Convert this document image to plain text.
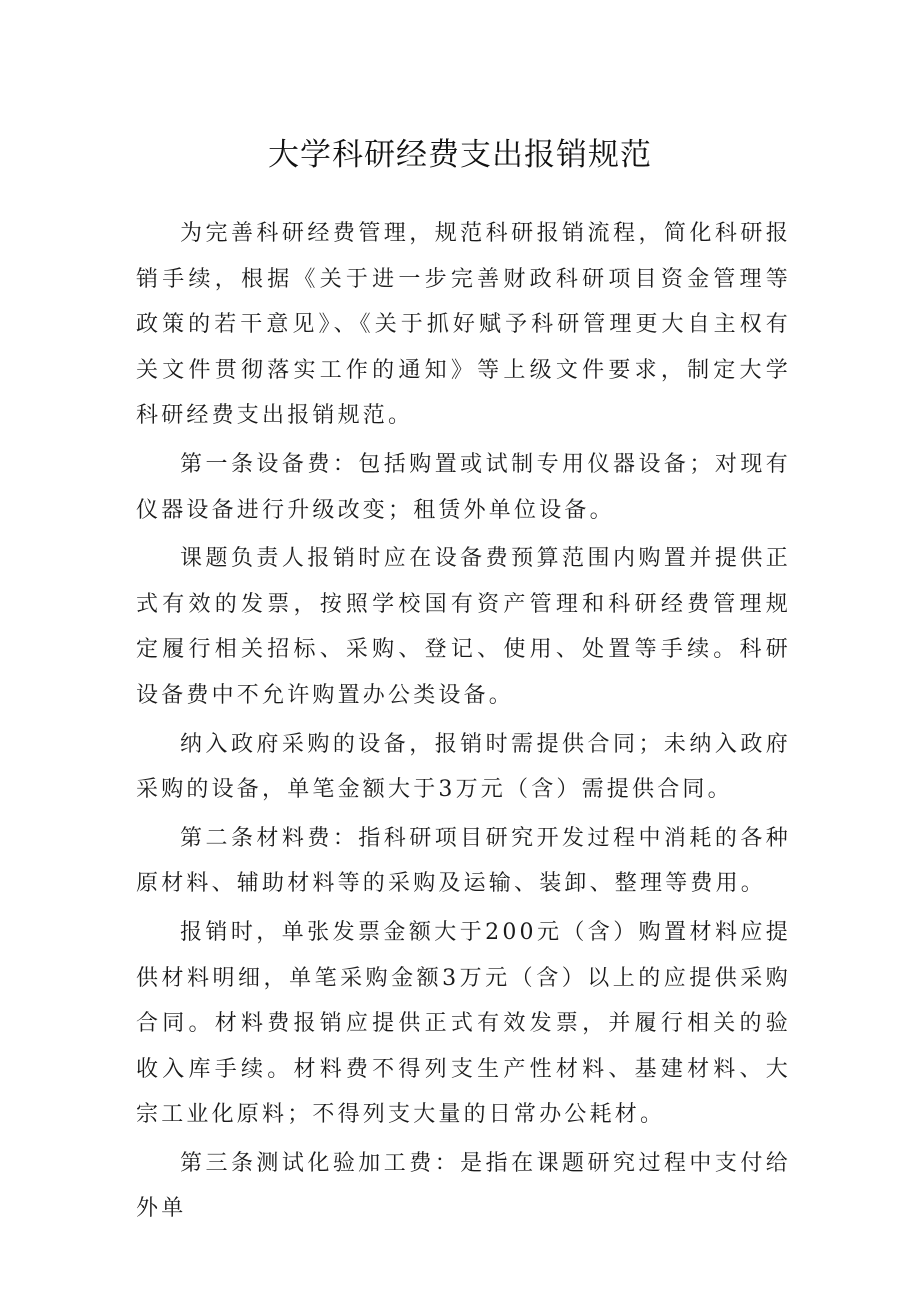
大学科研经费支出报销规范

为完善科研经费管理，规范科研报销流程，简化科研报销手续，根据《关于进一步完善财政科研项目资金管理等政策的若干意见》、《关于抓好赋予科研管理更大自主权有关文件贯彻落实工作的通知》等上级文件要求，制定大学科研经费支出报销规范。

第一条设备费：包括购置或试制专用仪器设备；对现有仪器设备进行升级改变；租赁外单位设备。

课题负责人报销时应在设备费预算范围内购置并提供正式有效的发票，按照学校国有资产管理和科研经费管理规定履行相关招标、采购、登记、使用、处置等手续。科研设备费中不允许购置办公类设备。

纳入政府采购的设备，报销时需提供合同；未纳入政府采购的设备，单笔金额大于3万元（含）需提供合同。

第二条材料费：指科研项目研究开发过程中消耗的各种原材料、辅助材料等的采购及运输、装卸、整理等费用。

报销时，单张发票金额大于200元（含）购置材料应提供材料明细，单笔采购金额3万元（含）以上的应提供采购合同。材料费报销应提供正式有效发票，并履行相关的验收入库手续。材料费不得列支生产性材料、基建材料、大宗工业化原料；不得列支大量的日常办公耗材。

第三条测试化验加工费：是指在课题研究过程中支付给外单
